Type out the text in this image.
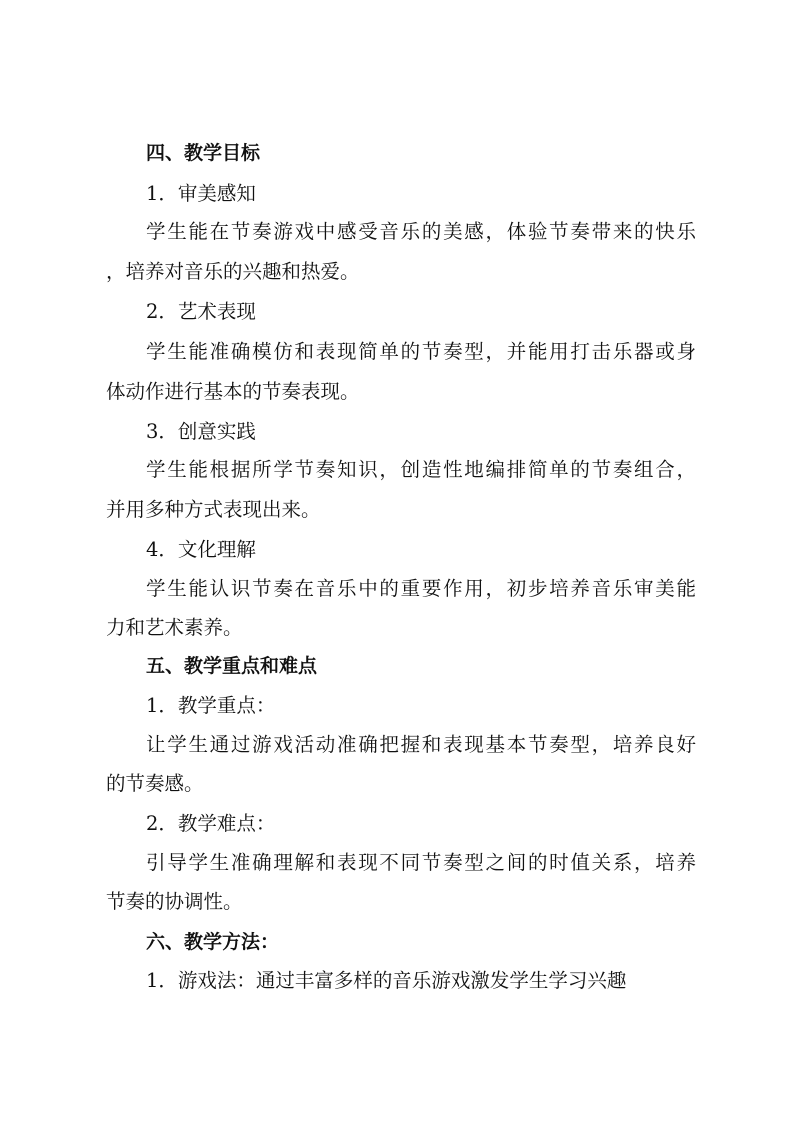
四、教学目标
1．审美感知
学生能在节奏游戏中感受音乐的美感，体验节奏带来的快乐
，培养对音乐的兴趣和热爱。
2．艺术表现
学生能准确模仿和表现简单的节奏型，并能用打击乐器或身
体动作进行基本的节奏表现。
3．创意实践
学生能根据所学节奏知识，创造性地编排简单的节奏组合，
并用多种方式表现出来。
4．文化理解
学生能认识节奏在音乐中的重要作用，初步培养音乐审美能
力和艺术素养。
五、教学重点和难点
1．教学重点：
让学生通过游戏活动准确把握和表现基本节奏型，培养良好
的节奏感。
2．教学难点：
引导学生准确理解和表现不同节奏型之间的时值关系，培养
节奏的协调性。
六、教学方法：
1．游戏法：通过丰富多样的音乐游戏激发学生学习兴趣
